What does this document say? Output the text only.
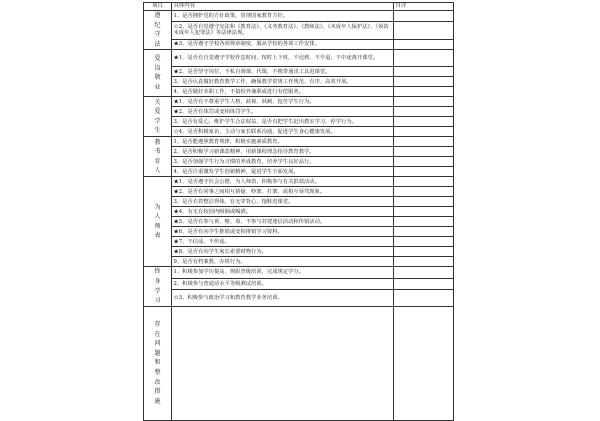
项目	具体内容	自评
遵纪守法	1、是否拥护党的方针政策，贯彻国家教育方针。	
	☆2、是否自觉遵守宪法和《教育法》、《义务教育法》、《教师法》、《未成年人保护法》、《预防未成年人犯罪法》等法律法规。	
	★3、是否遵守学校各项规章制度，服从学校的各项工作安排。	
爱岗敬业	★1、是否有自觉遵守学校作息时间，按时上下班，不迟到、不早退，不中途离开课堂。	
	★2、是否坚守岗位，不私自调课、代课，不携带通讯工具进课堂。	
	3、是否认真做好教育教学工作，确保教学常规工作规范、有序、高效开展。	
	4、是否做好本职工作，不搞校外兼职或进行有偿服务。	
关爱学生	★1、是否有不尊重学生人格，歧视、讽刺、挖苦学生行为。	
	★2、是否有体罚或变相体罚学生。	
	3、是否有爱心，维护学生合法权益，是否有把学生赶出教室学习、停学行为。	
	☆4、是否积极家访，主动与家长联系沟通，促进学生身心健康发展。	
教书育人	1、是否能遵照教育规律，积极实施素质教育。	
	2、是否积极学习新课改精神，用新课程理念指导教育教学。	
	3、是否加强学生行为习惯的养成教育，培养学生良好品行。	
	4、是否注重激发学生创新精神，促进学生全面发展。	
为人师表	★1、是否遵守社会公德，为人师表，积极参与有关捐款活动。	
	★2、是否有同事之间相互猜疑、吵架、打架、或相互辱骂现象。	
	3、是否衣着整洁得体，有无穿背心、拖鞋进课堂。	
	★4、有无在校园内吸烟或喝酒。	
	★5、是否有参与黄、赌、毒，不参与封建迷信活动和传销活动。	
	★6、是否有向学生推销或变相推销学习资料。	
	★7、不信谣、不传谣。	
	★8、是否有向学生家长索要财物行为。	
	9、是否有档案教，办班行为。	
终身学习	1、积极参加学历提高、规职普级培训，完成规定学分。	
	2、积极参与普通话水平等级测试培训。	
	☆3、积极参与政治学习和教育教学业务培训。	
存在问题和整改措施		
